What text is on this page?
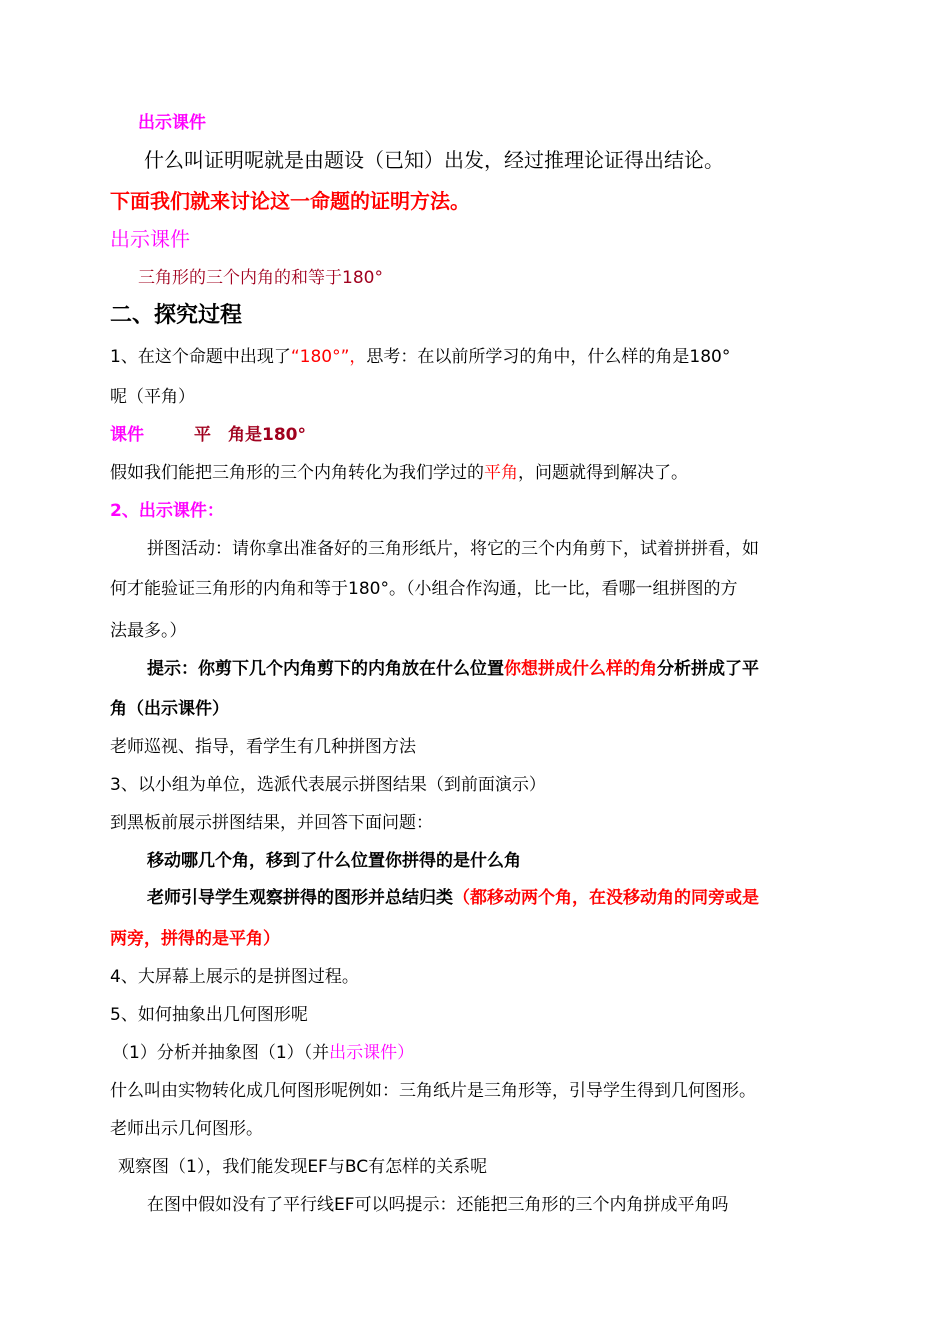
出示课件
什么叫证明呢就是由题设（已知）出发，经过推理论证得出结论。
下面我们就来讨论这一命题的证明方法。
出示课件
三角形的三个内角的和等于180°
二、探究过程
1、在这个命题中出现了“180°”，思考：在以前所学习的角中，什么样的角是180°
呢（平角）
课件	平　角是180°
假如我们能把三角形的三个内角转化为我们学过的平角，问题就得到解决了。
2、出示课件：
拼图活动：请你拿出准备好的三角形纸片，将它的三个内角剪下，试着拼拼看，如
何才能验证三角形的内角和等于180°。（小组合作沟通，比一比，看哪一组拼图的方
法最多。）
提示：你剪下几个内角剪下的内角放在什么位置你想拼成什么样的角分析拼成了平
角（出示课件）
老师巡视、指导，看学生有几种拼图方法
3、以小组为单位，选派代表展示拼图结果（到前面演示）
到黑板前展示拼图结果，并回答下面问题：
移动哪几个角，移到了什么位置你拼得的是什么角
老师引导学生观察拼得的图形并总结归类（都移动两个角，在没移动角的同旁或是
两旁，拼得的是平角）
4、大屏幕上展示的是拼图过程。
5、如何抽象出几何图形呢
（1）分析并抽象图（1）（并出示课件）
什么叫由实物转化成几何图形呢例如：三角纸片是三角形等，引导学生得到几何图形。
老师出示几何图形。
观察图（1），我们能发现EF与BC有怎样的关系呢
在图中假如没有了平行线EF可以吗提示：还能把三角形的三个内角拼成平角吗
